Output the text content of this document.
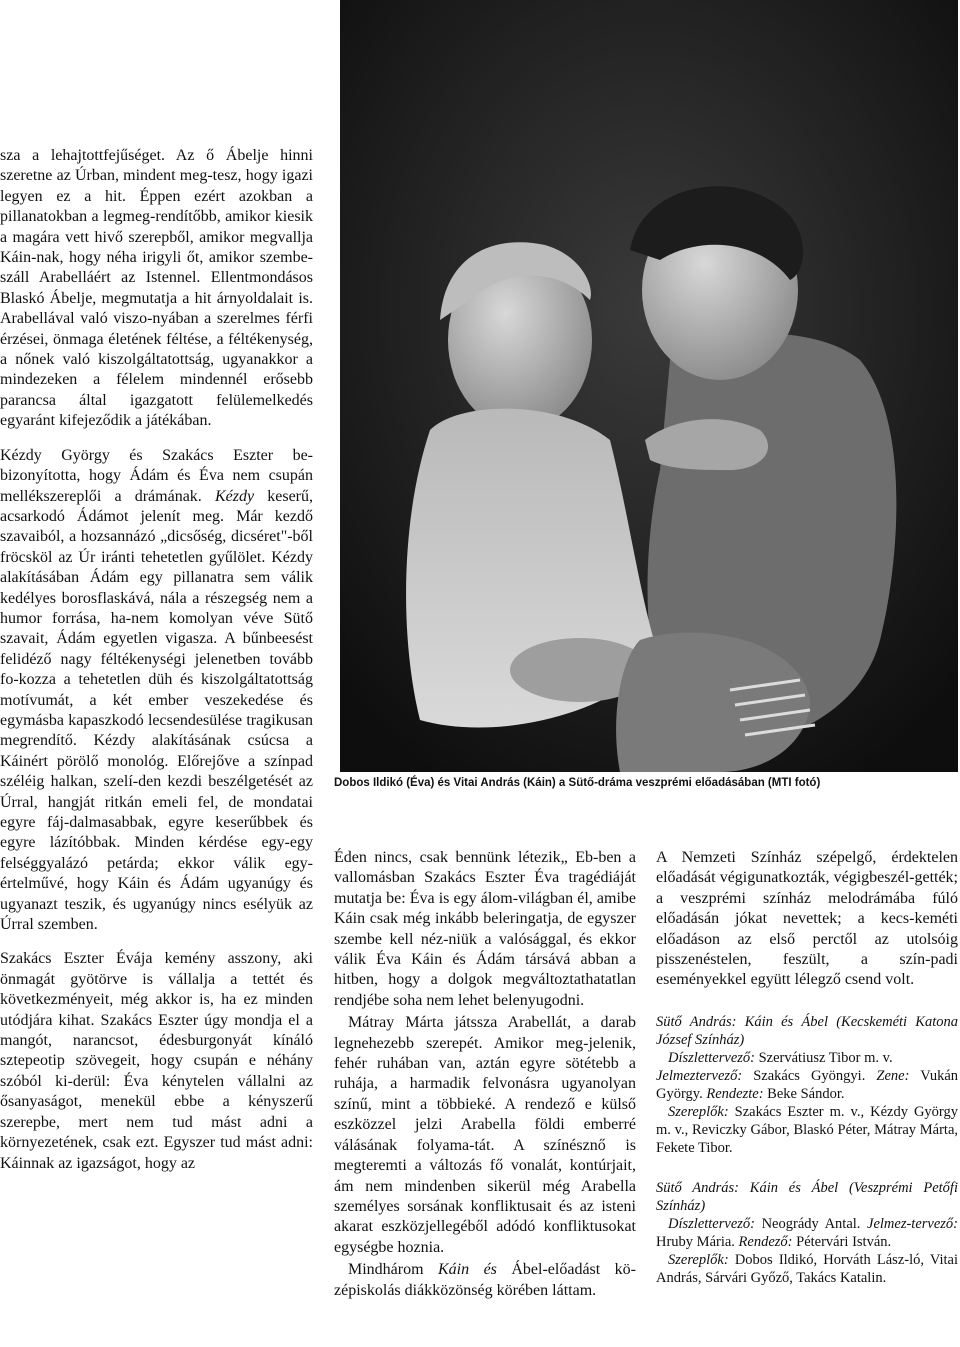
sza a lehajtottfejűséget. Az ő Ábelje hinni szeretne az Úrban, mindent meg-tesz, hogy igazi legyen ez a hit. Éppen ezért azokban a pillanatokban a legmeg-rendítőbb, amikor kiesik a magára vett hivő szerepből, amikor megvallja Káin-nak, hogy néha irigyli őt, amikor szembe-száll Arabelláért az Istennel. Ellentmondásos Blaskó Ábelje, megmutatja a hit árnyoldalait is. Arabellával való viszo-nyában a szerelmes férfi érzései, önmaga életének féltése, a féltékenység, a nőnek való kiszolgáltatottság, ugyanakkor a mindezeken a félelem mindennél erősebb parancsa által igazgatott felülemelkedés egyaránt kifejeződik a játékában.

Kézdy György és Szakács Eszter be-bizonyította, hogy Ádám és Éva nem csupán mellékszereplői a drámának. Kézdy keserű, acsarkodó Ádámot jelenít meg. Már kezdő szavaiból, a hozsannázó „dicsőség, dicséret"-ből fröcsköl az Úr iránti tehetetlen gyűlölet. Kézdy alakításában Ádám egy pillanatra sem válik kedélyes borosflaskává, nála a részegség nem a humor forrása, ha-nem komolyan véve Sütő szavait, Ádám egyetlen vigasza. A bűnbeesést felidéző nagy féltékenységi jelenetben tovább fo-kozza a tehetetlen düh és kiszolgáltatottság motívumát, a két ember veszekedése és egymásba kapaszkodó lecsendesülése tragikusan megrendítő. Kézdy alakításának csúcsa a Káinért pörölő monológ. Előrejőve a színpad széléig halkan, szelí-den kezdi beszélgetését az Úrral, hangját ritkán emeli fel, de mondatai egyre fáj-dalmasabbak, egyre keserűbbek és egyre lázítóbbak. Minden kérdése egy-egy felséggyalázó petárda; ekkor válik egy-értelművé, hogy Káin és Ádám ugyanúgy és ugyanazt teszik, és ugyanúgy nincs esélyük az Úrral szemben.

Szakács Eszter Évája kemény asszony, aki önmagát gyötörve is vállalja a tettét és következményeit, még akkor is, ha ez minden utódjára kihat. Szakács Eszter úgy mondja el a mangót, narancsot, édesburgonyát kínáló szteреotip szövegeit, hogy csupán e néhány szóból ki-derül: Éva kénytelen vállalni az ősanyaságot, menekül ebbe a kényszerű szerepbe, mert nem tud mást adni a környezetének, csak ezt. Egyszer tud mást adni: Káinnak az igazságot, hogy az

Dobos Ildikó (Éva) és Vitai András (Káin) a Sütő-dráma veszprémi előadásában (MTI fotó)

Éden nincs, csak bennünk létezik„ Eb-ben a vallomásban Szakács Eszter Éva tragédiáját mutatja be: Éva is egy álom-világban él, amibe Káin csak még inkább beleringatja, de egyszer szembe kell néz-niük a valósággal, és ekkor válik Éva Káin és Ádám társává abban a hitben, hogy a dolgok megváltoztathatatlan rendjébe soha nem lehet belenyugodni.

Mátray Márta játssza Arabellát, a darab legnehezebb szerepét. Amikor meg-jelenik, fehér ruhában van, aztán egyre sötétebb a ruhája, a harmadik felvonásra ugyanolyan színű, mint a többieké. A rendező e külső eszközzel jelzi Arabella földi emberré válásának folyama-tát. A színésznő is megteremti a változás fő vonalát, kontúrjait, ám nem mindenben sikerül még Arabella személyes sorsának konfliktusait és az isteni akarat eszközjellegéből adódó konfliktusokat egységbe hoznia.

Mindhárom Káin és Ábel-előadást kö-zépiskolás diákközönség körében láttam.

A Nemzeti Színház szépelgő, érdektelen előadását végigunatkozták, végigbeszél-gették; a veszprémi színház melodrámába fúló előadásán jókat nevettek; a kecs-keméti előadáson az első perctől az utolsóig pisszenéstelen, feszült, a szín-padi eseményekkel együtt lélegző csend volt.

Sütő András: Káin és Ábel (Kecskeméti Katona József Színház)
Díszlettervező: Szervátiusz Tibor m. v.
Jelmeztervező: Szakács Gyöngyi. Zene: Vukán György. Rendezte: Beke Sándor.
Szereplők: Szakács Eszter m. v., Kézdy György m. v., Reviczky Gábor, Blaskó Péter, Mátray Márta, Fekete Tibor.

Sütő András: Káin és Ábel (Veszprémi Petőfi Színház)
Díszlettervező: Neogrády Antal. Jelmez-tervező: Hruby Mária. Rendező: Pétervári István.
Szereplők: Dobos Ildikó, Horváth Lász-ló, Vitai András, Sárvári Győző, Takács Katalin.
